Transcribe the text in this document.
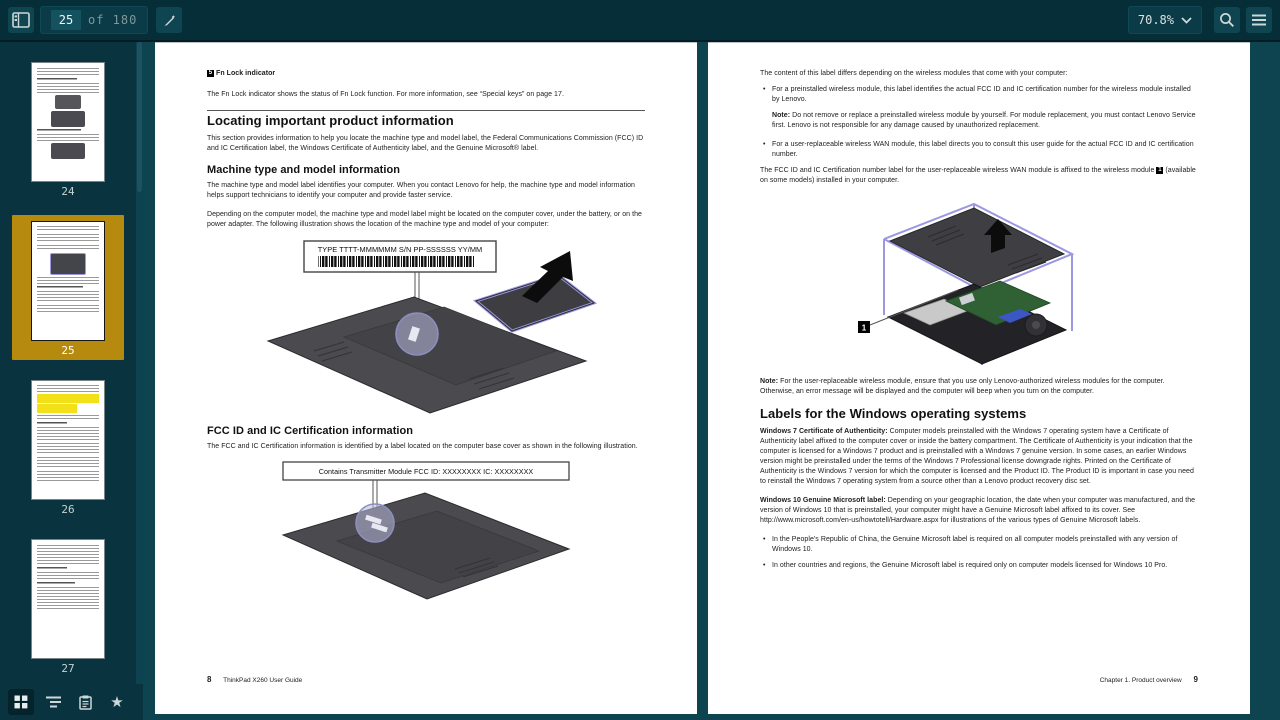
25
of 180	70.8%
24
25
26
27
★

5 Fn Lock indicator

The Fn Lock indicator shows the status of Fn Lock function. For more information, see “Special keys” on page 17.

Locating important product information

This section provides information to help you locate the machine type and model label, the Federal Communications Commission (FCC) ID and IC Certification label, the Windows Certificate of Authenticity label, and the Genuine Microsoft® label.

Machine type and model information

The machine type and model label identifies your computer. When you contact Lenovo for help, the machine type and model information helps support technicians to identify your computer and provide faster service.

Depending on the computer model, the machine type and model label might be located on the computer cover, under the battery, or on the power adapter. The following illustration shows the location of the machine type and model of your computer:

TYPE TTTT-MMMMMM S/N PP-SSSSSS YY/MM
FCC ID and IC Certification information

The FCC and IC Certification information is identified by a label located on the computer base cover as shown in the following illustration.

Contains Transmitter Module FCC ID: XXXXXXXX IC: XXXXXXXX
8 ThinkPad X260 User Guide

The content of this label differs depending on the wireless modules that come with your computer:

• For a preinstalled wireless module, this label identifies the actual FCC ID and IC certification number for the wireless module installed by Lenovo.

Note: Do not remove or replace a preinstalled wireless module by yourself. For module replacement, you must contact Lenovo Service first. Lenovo is not responsible for any damage caused by unauthorized replacement.

• For a user-replaceable wireless WAN module, this label directs you to consult this user guide for the actual FCC ID and IC certification number.

The FCC ID and IC Certification number label for the user-replaceable wireless WAN module is affixed to the wireless module 1 (available on some models) installed in your computer.

1

Note: For the user-replaceable wireless module, ensure that you use only Lenovo-authorized wireless modules for the computer. Otherwise, an error message will be displayed and the computer will beep when you turn on the computer.

Labels for the Windows operating systems

Windows 7 Certificate of Authenticity: Computer models preinstalled with the Windows 7 operating system have a Certificate of Authenticity label affixed to the computer cover or inside the battery compartment. The Certificate of Authenticity is your indication that the computer is licensed for a Windows 7 product and is preinstalled with a Windows 7 genuine version. In some cases, an earlier Windows version might be preinstalled under the terms of the Windows 7 Professional license downgrade rights. Printed on the Certificate of Authenticity is the Windows 7 version for which the computer is licensed and the Product ID. The Product ID is important in case you need to reinstall the Windows 7 operating system from a source other than a Lenovo product recovery disc set.

Windows 10 Genuine Microsoft label: Depending on your geographic location, the date when your computer was manufactured, and the version of Windows 10 that is preinstalled, your computer might have a Genuine Microsoft label affixed to its cover. See http://www.microsoft.com/en-us/howtotell/Hardware.aspx for illustrations of the various types of Genuine Microsoft labels.

• In the People's Republic of China, the Genuine Microsoft label is required on all computer models preinstalled with any version of Windows 10.
• In other countries and regions, the Genuine Microsoft label is required only on computer models licensed for Windows 10 Pro.
Chapter 1. Product overview 9
